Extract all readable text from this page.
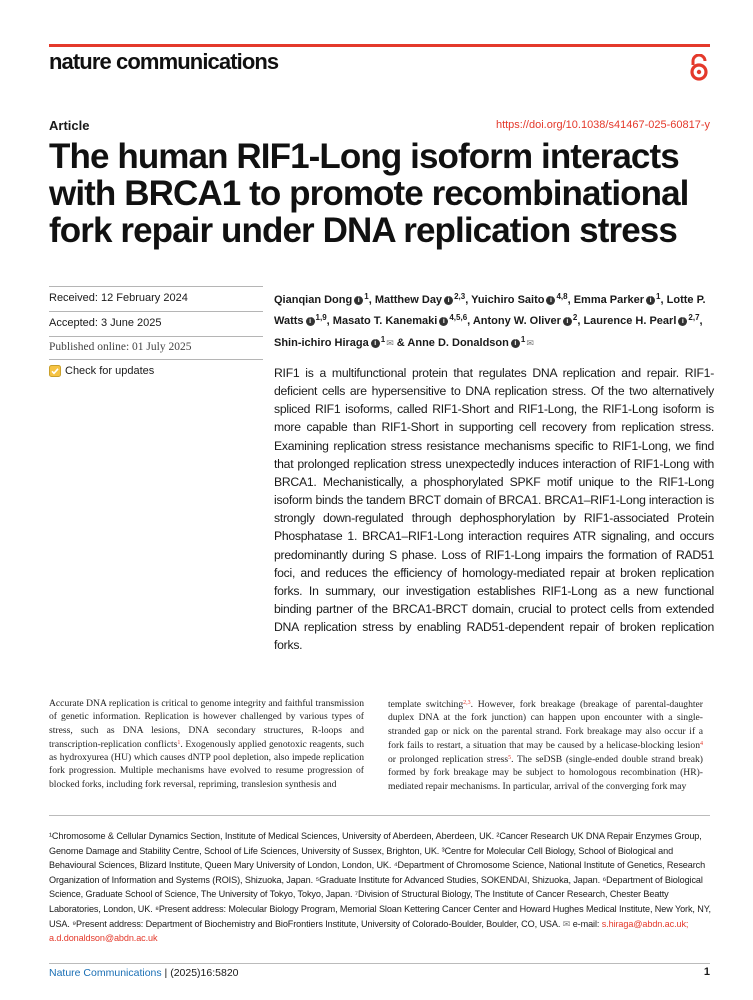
nature communications
Article	https://doi.org/10.1038/s41467-025-60817-y
The human RIF1-Long isoform interacts with BRCA1 to promote recombinational fork repair under DNA replication stress
Received: 12 February 2024
Accepted: 3 June 2025
Published online: 01 July 2025
Check for updates
Qianqian Dong i $^1$, Matthew Day i $^{2,3}$, Yuichiro Saito i $^{4,8}$, Emma Parker i $^1$, Lotte P. Watts i $^{1,9}$, Masato T. Kanemaki i $^{4,5,6}$, Antony W. Oliver i $^2$, Laurence H. Pearl i $^{2,7}$, Shin-ichiro Hiraga i $^1$✉ & Anne D. Donaldson i $^1$✉
RIF1 is a multifunctional protein that regulates DNA replication and repair. RIF1-deficient cells are hypersensitive to DNA replication stress. Of the two alternatively spliced RIF1 isoforms, called RIF1-Short and RIF1-Long, the RIF1-Long isoform is more capable than RIF1-Short in supporting cell recovery from replication stress. Examining replication stress resistance mechanisms specific to RIF1-Long, we find that prolonged replication stress unexpectedly induces interaction of RIF1-Long with BRCA1. Mechanistically, a phosphorylated SPKF motif unique to the RIF1-Long isoform binds the tandem BRCT domain of BRCA1. BRCA1–RIF1-Long interaction is strongly down-regulated through dephosphorylation by RIF1-associated Protein Phosphatase 1. BRCA1–RIF1-Long interaction requires ATR signaling, and occurs predominantly during S phase. Loss of RIF1-Long impairs the formation of RAD51 foci, and reduces the efficiency of homology-mediated repair at broken replication forks. In summary, our investigation establishes RIF1-Long as a new functional binding partner of the BRCA1-BRCT domain, crucial to protect cells from extended DNA replication stress by enabling RAD51-dependent repair of broken replication forks.
Accurate DNA replication is critical to genome integrity and faithful transmission of genetic information. Replication is however challenged by various types of stress, such as DNA lesions, DNA secondary structures, R-loops and transcription-replication conflicts$^1$. Exogenously applied genotoxic reagents, such as hydroxyurea (HU) which causes dNTP pool depletion, also impede replication fork progression. Multiple mechanisms have evolved to resume progression of blocked forks, including fork reversal, repriming, translesion synthesis and
template switching$^{2,3}$. However, fork breakage (breakage of parental-daughter duplex DNA at the fork junction) can happen upon encounter with a single-stranded gap or nick on the parental strand. Fork breakage may also occur if a fork fails to restart, a situation that may be caused by a helicase-blocking lesion$^4$ or prolonged replication stress$^5$. The seDSB (single-ended double strand break) formed by fork breakage may be subject to homologous recombination (HR)-mediated repair mechanisms. In particular, arrival of the converging fork may
¹Chromosome & Cellular Dynamics Section, Institute of Medical Sciences, University of Aberdeen, Aberdeen, UK. ²Cancer Research UK DNA Repair Enzymes Group, Genome Damage and Stability Centre, School of Life Sciences, University of Sussex, Brighton, UK. ³Centre for Molecular Cell Biology, School of Biological and Behavioural Sciences, Blizard Institute, Queen Mary University of London, London, UK. ⁴Department of Chromosome Science, National Institute of Genetics, Research Organization of Information and Systems (ROIS), Shizuoka, Japan. ⁵Graduate Institute for Advanced Studies, SOKENDAI, Shizuoka, Japan. ⁶Department of Biological Science, Graduate School of Science, The University of Tokyo, Tokyo, Japan. ⁷Division of Structural Biology, The Institute of Cancer Research, Chester Beatty Laboratories, London, UK. ⁸Present address: Molecular Biology Program, Memorial Sloan Kettering Cancer Center and Howard Hughes Medical Institute, New York, NY, USA. ⁹Present address: Department of Biochemistry and BioFrontiers Institute, University of Colorado-Boulder, Boulder, CO, USA. ✉ e-mail: s.hiraga@abdn.ac.uk; a.d.donaldson@abdn.ac.uk
Nature Communications | (2025)16:5820	1
